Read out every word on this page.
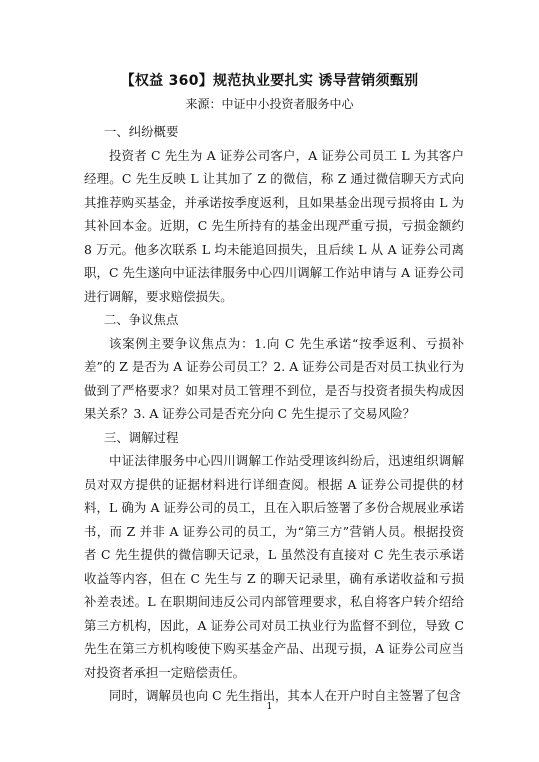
【权益 360】规范执业要扎实 诱导营销须甄别
来源：中证中小投资者服务中心

一、纠纷概要

投资者 C 先生为 A 证券公司客户，A 证券公司员工 L 为其客户经理。C 先生反映 L 让其加了 Z 的微信，称 Z 通过微信聊天方式向其推荐购买基金，并承诺按季度返利，且如果基金出现亏损将由 L 为其补回本金。近期，C 先生所持有的基金出现严重亏损，亏损金额约 8 万元。他多次联系 L 均未能追回损失，且后续 L 从 A 证券公司离职，C 先生遂向中证法律服务中心四川调解工作站申请与 A 证券公司进行调解，要求赔偿损失。

二、争议焦点

该案例主要争议焦点为：1.向 C 先生承诺“按季返利、亏损补差”的 Z 是否为 A 证券公司员工？2. A 证券公司是否对员工执业行为做到了严格要求？如果对员工管理不到位，是否与投资者损失构成因果关系？3. A 证券公司是否充分向 C 先生提示了交易风险？

三、调解过程

中证法律服务中心四川调解工作站受理该纠纷后，迅速组织调解员对双方提供的证据材料进行详细查阅。根据 A 证券公司提供的材料，L 确为 A 证券公司的员工，且在入职后签署了多份合规展业承诺书，而 Z 并非 A 证券公司的员工，为“第三方”营销人员。根据投资者 C 先生提供的微信聊天记录，L 虽然没有直接对 C 先生表示承诺收益等内容，但在 C 先生与 Z 的聊天记录里，确有承诺收益和亏损补差表述。L 在职期间违反公司内部管理要求，私自将客户转介绍给第三方机构，因此，A 证券公司对员工执业行为监督不到位，导致 C 先生在第三方机构唆使下购买基金产品、出现亏损，A 证券公司应当对投资者承担一定赔偿责任。

同时，调解员也向 C 先生指出，其本人在开户时自主签署了包含

1
